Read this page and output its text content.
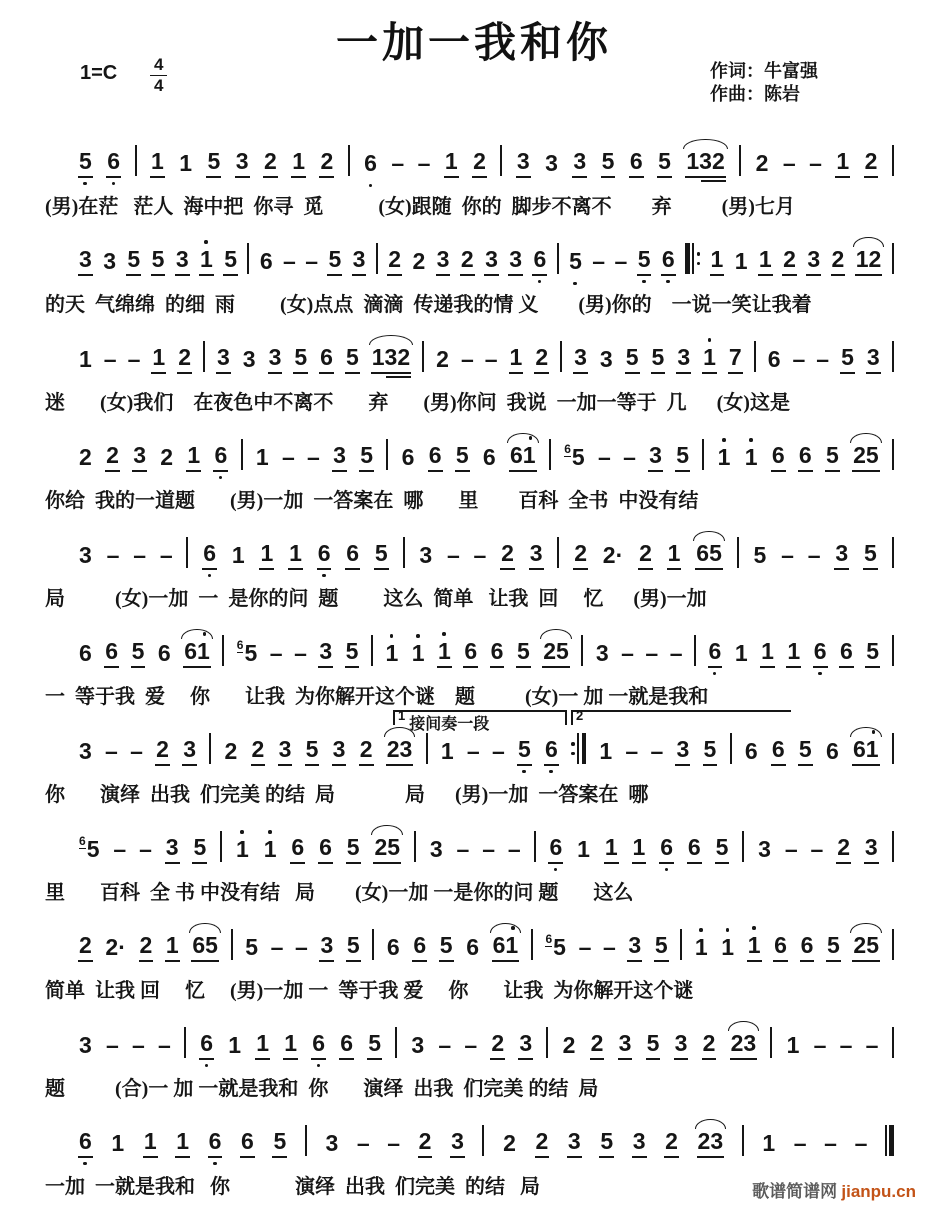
一加一我和你
$1=C \frac{4}{4}$	作词：牛富强
作曲：陈岩
5 6 1 1 5 3 2 1 2 6 – – 1 2 3 3 3 5 6 5 132 2 – – 1 2
(男)在茫   茫人  海中把  你寻  觅           (女)跟随  你的  脚步不离不        弃          (男)七月
3 3 5 5 3 1 5 6 – – 5 3 2 2 3 2 3 3 6 5 – – 5 6 1 1 1 2 3 2 12
的天  气绵绵  的细  雨         (女)点点  滴滴  传递我的情 义        (男)你的    一说一笑让我着
1 – – 1 2 3 3 3 5 6 5 132 2 – – 1 2 3 3 5 5 3 1 7 6 – – 5 3
迷       (女)我们    在夜色中不离不       弃       (男)你问  我说  一加一等于  几      (女)这是
2 2 3 2 1 6 1 – – 3 5 6 6 5 6 61 $^6$5 – – 3 5 1 1 6 6 5 25
你给  我的一道题       (男)一加  一答案在  哪       里        百科  全书  中没有结
3 – – – 6 1 1 1 6 6 5 3 – – 2 3 2 2· 2 1 65 5 – – 3 5
局          (女)一加  一  是你的问  题         这么  简单   让我  回     忆      (男)一加
6 6 5 6 61 $^6$5 – – 3 5 1 1 1 6 6 5 25 3 – – – 6 1 1 1 6 6 5
一  等于我  爱     你       让我  为你解开这个谜    题          (女)一 加 一就是我和
$^1$接间奏一段
$^2$
3 – – 2 3 2 2 3 5 3 2 23 1 – – 5 6 1 – – 3 5 6 6 5 6 61
你       演绎  出我  们完美 的结  局              局      (男)一加  一答案在  哪
$^6$5 – – 3 5 1 1 6 6 5 25 3 – – – 6 1 1 1 6 6 5 3 – – 2 3
里       百科  全 书 中没有结   局        (女)一加 一是你的问 题       这么
2 2· 2 1 65 5 – – 3 5 6 6 5 6 61 $^6$5 – – 3 5 1 1 1 6 6 5 25
简单  让我 回     忆     (男)一加 一  等于我 爱     你       让我  为你解开这个谜
3 – – – 6 1 1 1 6 6 5 3 – – 2 3 2 2 3 5 3 2 23 1 – – –
题          (合)一 加 一就是我和  你       演绎  出我  们完美 的结  局
6 1 1 1 6 6 5 3 – – 2 3 2 2 3 5 3 2 23 1 – – –
一加  一就是我和   你             演绎  出我  们完美  的结   局	歌谱简谱网 jianpu.cn
